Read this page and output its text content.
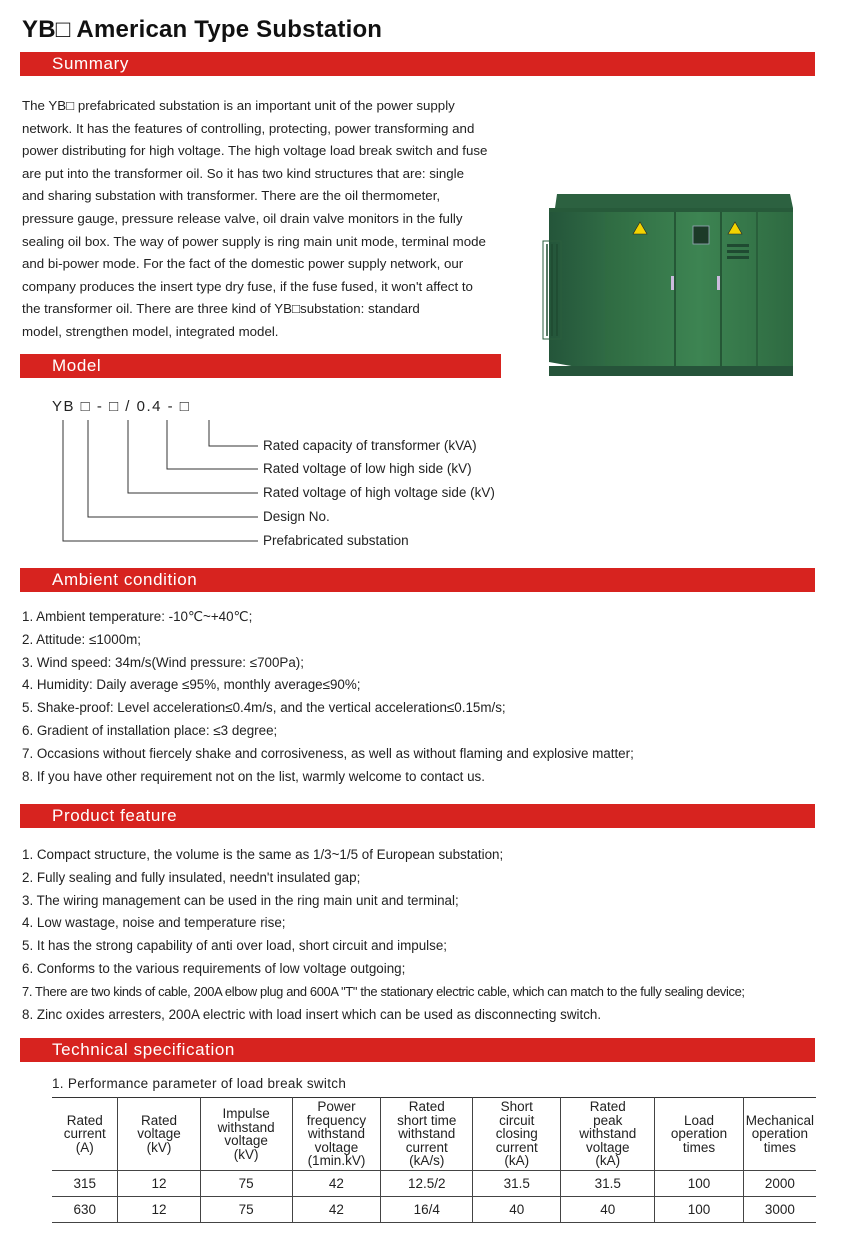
YB□ American Type Substation
Summary

The YB□ prefabricated substation is an important unit of the power supply

network. It has the features of controlling, protecting, power transforming and

power distributing for high voltage. The high voltage load break switch and fuse

are put into the transformer oil. So it has two kind structures that are: single

and sharing substation with transformer. There are the oil thermometer,

pressure gauge, pressure release valve, oil drain valve monitors in the fully

sealing oil box. The way of power supply is ring main unit mode, terminal mode

and bi-power mode. For the fact of the domestic power supply network, our

company produces the insert type dry fuse, if the fuse fused, it won't affect to

the transformer oil. There are three kind of YB□substation: standard

model, strengthen model, integrated model.

Model
YB □ - □ / 0.4 - □
Rated capacity of transformer (kVA)
Rated voltage of low high side (kV)
Rated voltage of high voltage side (kV)
Design No.
Prefabricated substation
Ambient condition
1. Ambient temperature: -10℃~+40℃;
2. Attitude: ≤1000m;
3. Wind speed: 34m/s(Wind pressure: ≤700Pa);
4. Humidity: Daily average ≤95%, monthly average≤90%;
5. Shake-proof: Level acceleration≤0.4m/s, and the vertical acceleration≤0.15m/s;
6. Gradient of installation place: ≤3 degree;
7. Occasions without fiercely shake and corrosiveness, as well as without flaming and explosive matter;
8. If you have other requirement not on the list, warmly welcome to contact us.
Product feature
1. Compact structure, the volume is the same as 1/3~1/5 of European substation;
2. Fully sealing and fully insulated, needn't insulated gap;
3. The wiring management can be used in the ring main unit and terminal;
4. Low wastage, noise and temperature rise;
5. It has the strong capability of anti over load, short circuit and impulse;
6. Conforms to the various requirements of low voltage outgoing;
7. There are two kinds of cable, 200A elbow plug and 600A "T" the stationary electric cable, which can match to the fully sealing device;
8. Zinc oxides arresters, 200A electric with load insert which can be used as disconnecting switch.
Technical specification
1. Performance parameter of load break switch
Rated
current
(A)	Rated
voltage
(kV)	Impulse
withstand
voltage
(kV)	Power
frequency
withstand
voltage
(1min.kV)	Rated
short time
withstand
current
(kA/s)	Short
circuit
closing
current
(kA)	Rated
peak
withstand
voltage
(kA)	Load
operation
times	Mechanical
operation
times
315	12	75	42	12.5/2	31.5	31.5	100	2000
630	12	75	42	16/4	40	40	100	3000
